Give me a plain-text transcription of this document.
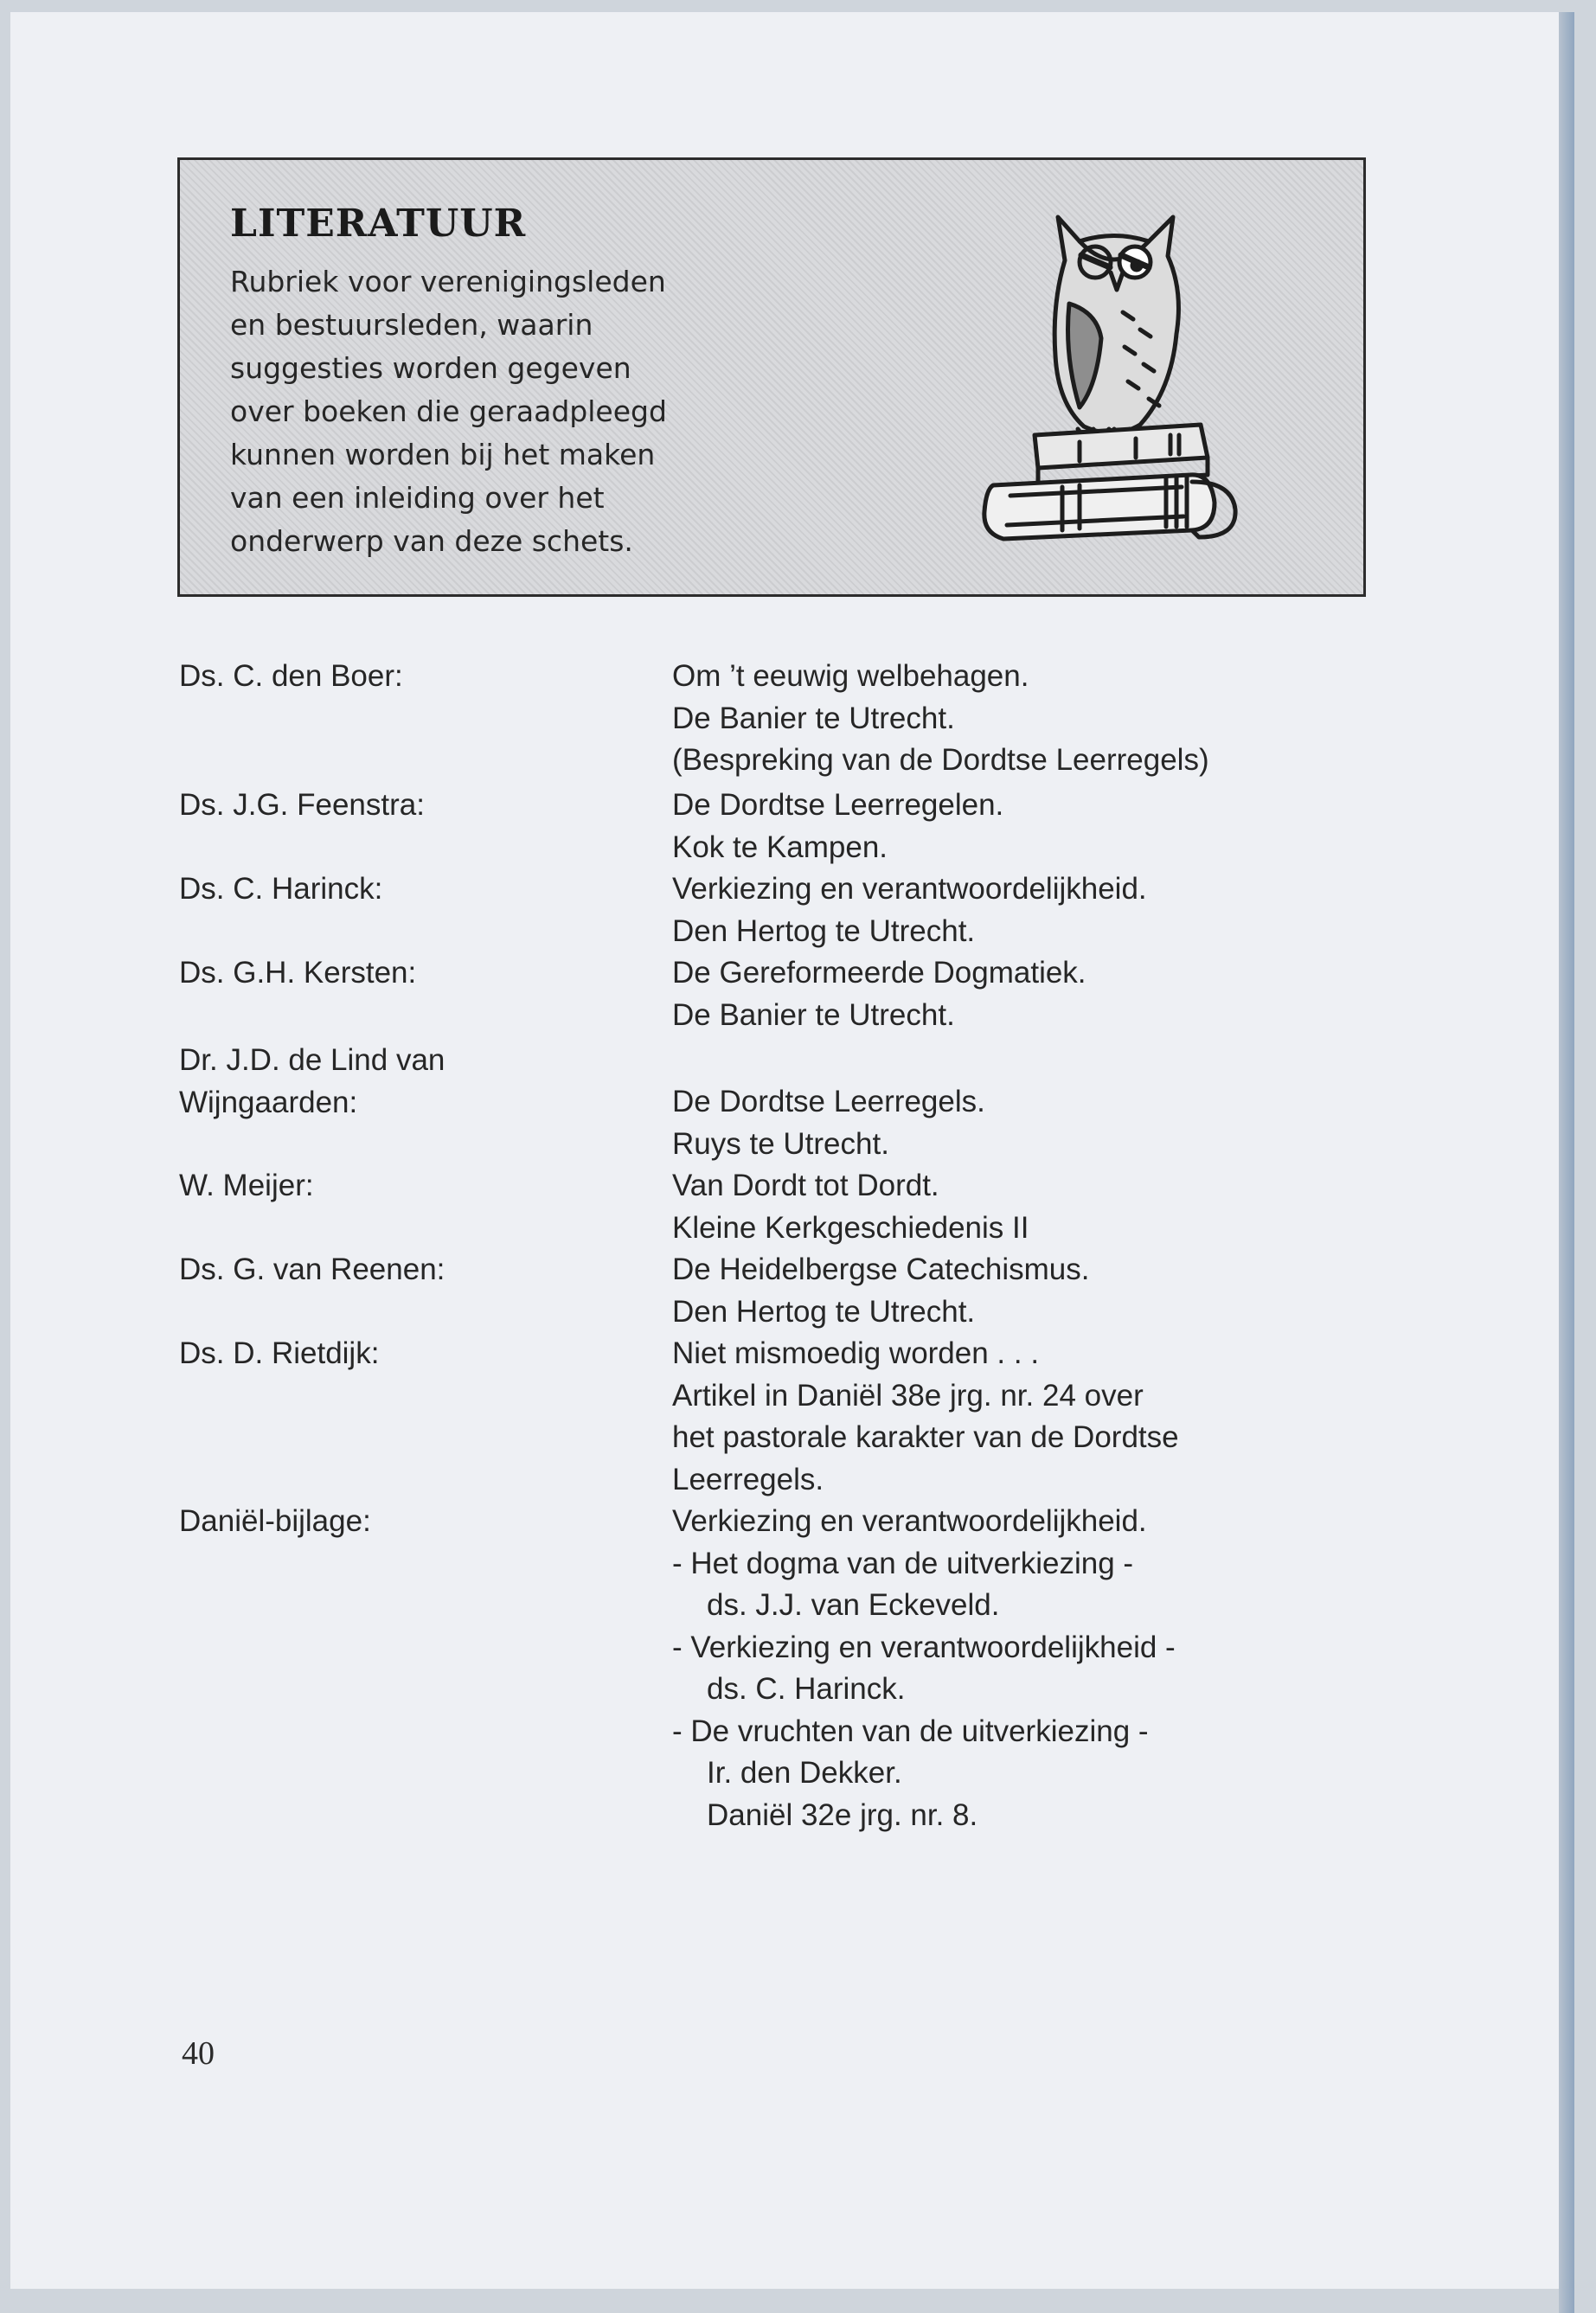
LITERATUUR
Rubriek voor verenigingsleden
en bestuursleden, waarin
suggesties worden gegeven
over boeken die geraadpleegd
kunnen worden bij het maken
van een inleiding over het
onderwerp van deze schets.
Ds. C. den Boer:	Om ’t eeuwig welbehagen.
De Banier te Utrecht.
(Bespreking van de Dordtse Leerregels)
Ds. J.G. Feenstra:	De Dordtse Leerregelen.
Kok te Kampen.
Ds. C. Harinck:	Verkiezing en verantwoordelijkheid.
Den Hertog te Utrecht.
Ds. G.H. Kersten:	De Gereformeerde Dogmatiek.
De Banier te Utrecht.
Dr. J.D. de Lind van
Wijngaarden:	De Dordtse Leerregels.
Ruys te Utrecht.
W. Meijer:	Van Dordt tot Dordt.
Kleine Kerkgeschiedenis II
Ds. G. van Reenen:	De Heidelbergse Catechismus.
Den Hertog te Utrecht.
Ds. D. Rietdijk:	Niet mismoedig worden . . .
Artikel in Daniël 38e jrg. nr. 24 over
het pastorale karakter van de Dordtse
Leerregels.
Daniël-bijlage:	Verkiezing en verantwoordelijkheid.
- Het dogma van de uitverkiezing -
ds. J.J. van Eckeveld.
- Verkiezing en verantwoordelijkheid -
ds. C. Harinck.
- De vruchten van de uitverkiezing -
Ir. den Dekker.
Daniël 32e jrg. nr. 8.
40
